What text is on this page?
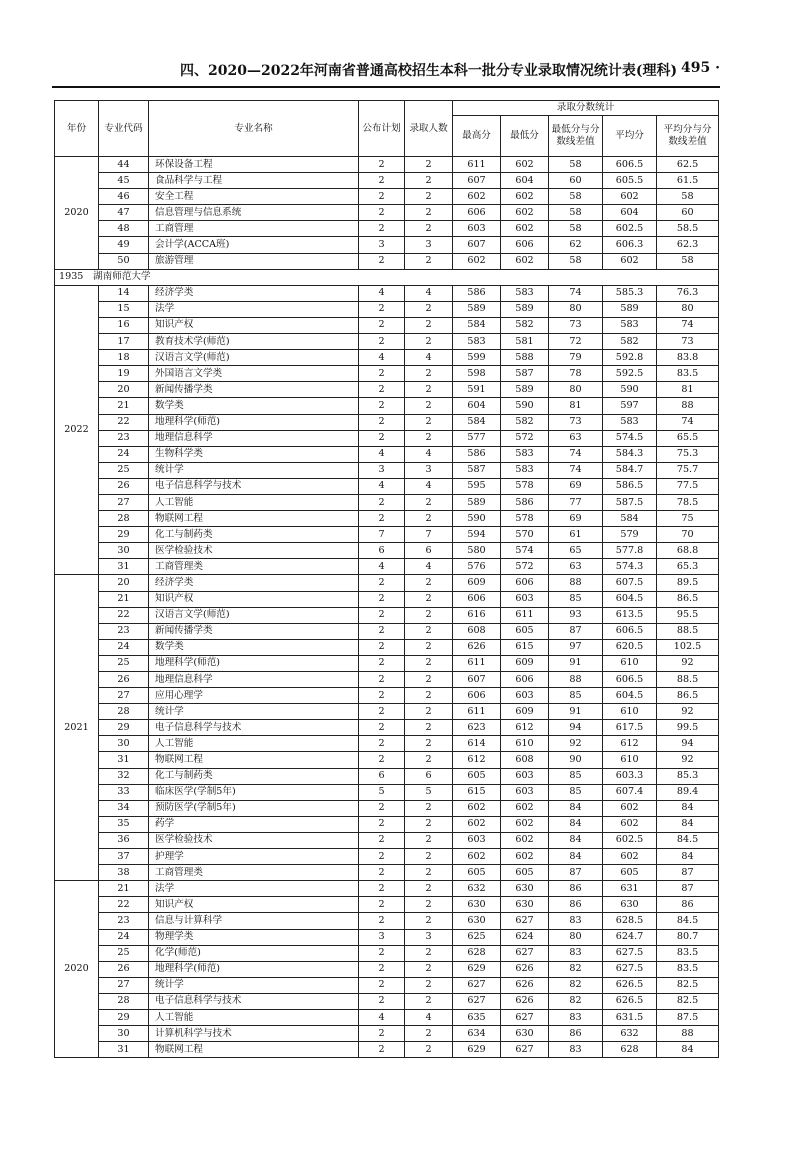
四、2020—2022年河南省普通高校招生本科一批分专业录取情况统计表(理科)
· 495 ·
年份	专业代码	专业名称	公布计划	录取人数	录取分数统计				
					最高分	最低分	最低分与分数线差值	平均分	平均分与分数线差值
2020	44	环保设备工程	2	2	611	602	58	606.5	62.5
	45	食品科学与工程	2	2	607	604	60	605.5	61.5
	46	安全工程	2	2	602	602	58	602	58
	47	信息管理与信息系统	2	2	606	602	58	604	60
	48	工商管理	2	2	603	602	58	602.5	58.5
	49	会计学(ACCA班)	3	3	607	606	62	606.3	62.3
	50	旅游管理	2	2	602	602	58	602	58
1935　湖南师范大学									
2022	14	经济学类	4	4	586	583	74	585.3	76.3
	15	法学	2	2	589	589	80	589	80
	16	知识产权	2	2	584	582	73	583	74
	17	教育技术学(师范)	2	2	583	581	72	582	73
	18	汉语言文学(师范)	4	4	599	588	79	592.8	83.8
	19	外国语言文学类	2	2	598	587	78	592.5	83.5
	20	新闻传播学类	2	2	591	589	80	590	81
	21	数学类	2	2	604	590	81	597	88
	22	地理科学(师范)	2	2	584	582	73	583	74
	23	地理信息科学	2	2	577	572	63	574.5	65.5
	24	生物科学类	4	4	586	583	74	584.3	75.3
	25	统计学	3	3	587	583	74	584.7	75.7
	26	电子信息科学与技术	4	4	595	578	69	586.5	77.5
	27	人工智能	2	2	589	586	77	587.5	78.5
	28	物联网工程	2	2	590	578	69	584	75
	29	化工与制药类	7	7	594	570	61	579	70
	30	医学检验技术	6	6	580	574	65	577.8	68.8
	31	工商管理类	4	4	576	572	63	574.3	65.3
2021	20	经济学类	2	2	609	606	88	607.5	89.5
	21	知识产权	2	2	606	603	85	604.5	86.5
	22	汉语言文学(师范)	2	2	616	611	93	613.5	95.5
	23	新闻传播学类	2	2	608	605	87	606.5	88.5
	24	数学类	2	2	626	615	97	620.5	102.5
	25	地理科学(师范)	2	2	611	609	91	610	92
	26	地理信息科学	2	2	607	606	88	606.5	88.5
	27	应用心理学	2	2	606	603	85	604.5	86.5
	28	统计学	2	2	611	609	91	610	92
	29	电子信息科学与技术	2	2	623	612	94	617.5	99.5
	30	人工智能	2	2	614	610	92	612	94
	31	物联网工程	2	2	612	608	90	610	92
	32	化工与制药类	6	6	605	603	85	603.3	85.3
	33	临床医学(学制5年)	5	5	615	603	85	607.4	89.4
	34	预防医学(学制5年)	2	2	602	602	84	602	84
	35	药学	2	2	602	602	84	602	84
	36	医学检验技术	2	2	603	602	84	602.5	84.5
	37	护理学	2	2	602	602	84	602	84
	38	工商管理类	2	2	605	605	87	605	87
2020	21	法学	2	2	632	630	86	631	87
	22	知识产权	2	2	630	630	86	630	86
	23	信息与计算科学	2	2	630	627	83	628.5	84.5
	24	物理学类	3	3	625	624	80	624.7	80.7
	25	化学(师范)	2	2	628	627	83	627.5	83.5
	26	地理科学(师范)	2	2	629	626	82	627.5	83.5
	27	统计学	2	2	627	626	82	626.5	82.5
	28	电子信息科学与技术	2	2	627	626	82	626.5	82.5
	29	人工智能	4	4	635	627	83	631.5	87.5
	30	计算机科学与技术	2	2	634	630	86	632	88
	31	物联网工程	2	2	629	627	83	628	84
